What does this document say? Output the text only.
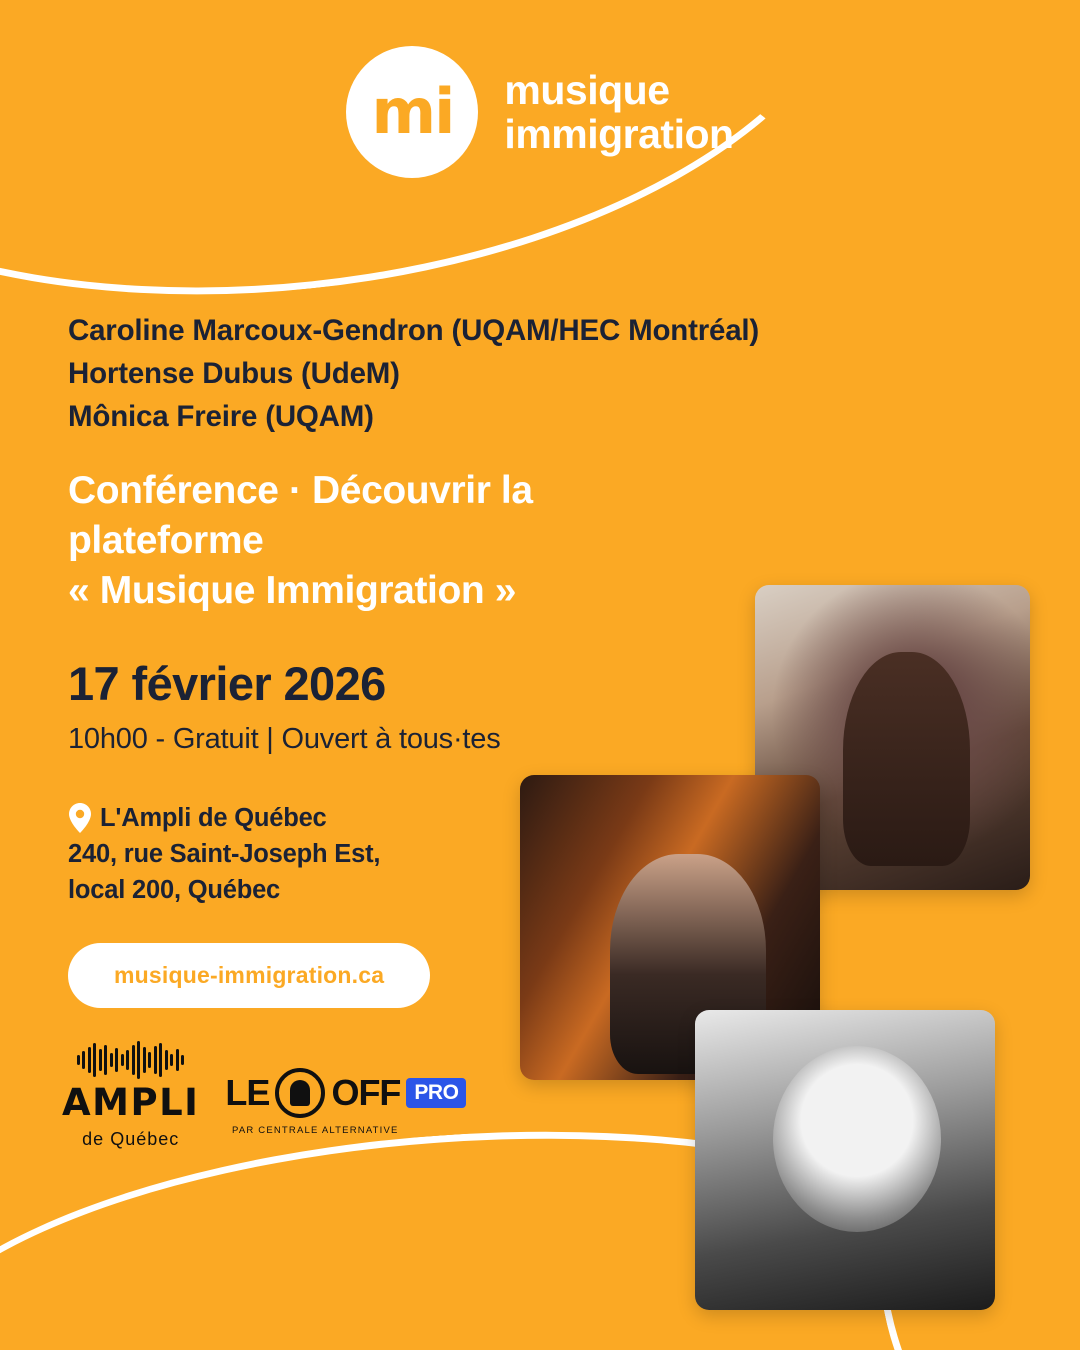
mi musique
immigration
Caroline Marcoux-Gendron (UQAM/HEC Montréal)
Hortense Dubus (UdeM)
Mônica Freire (UQAM)
Conférence · Découvrir la plateforme
« Musique Immigration »
17 février 2026
10h00 - Gratuit | Ouvert à tous·tes
L'Ampli de Québec
240, rue Saint-Joseph Est,
local 200, Québec
musique-immigration.ca
AMPLI
de Québec
LE OFF PRO
PAR CENTRALE ALTERNATIVE
